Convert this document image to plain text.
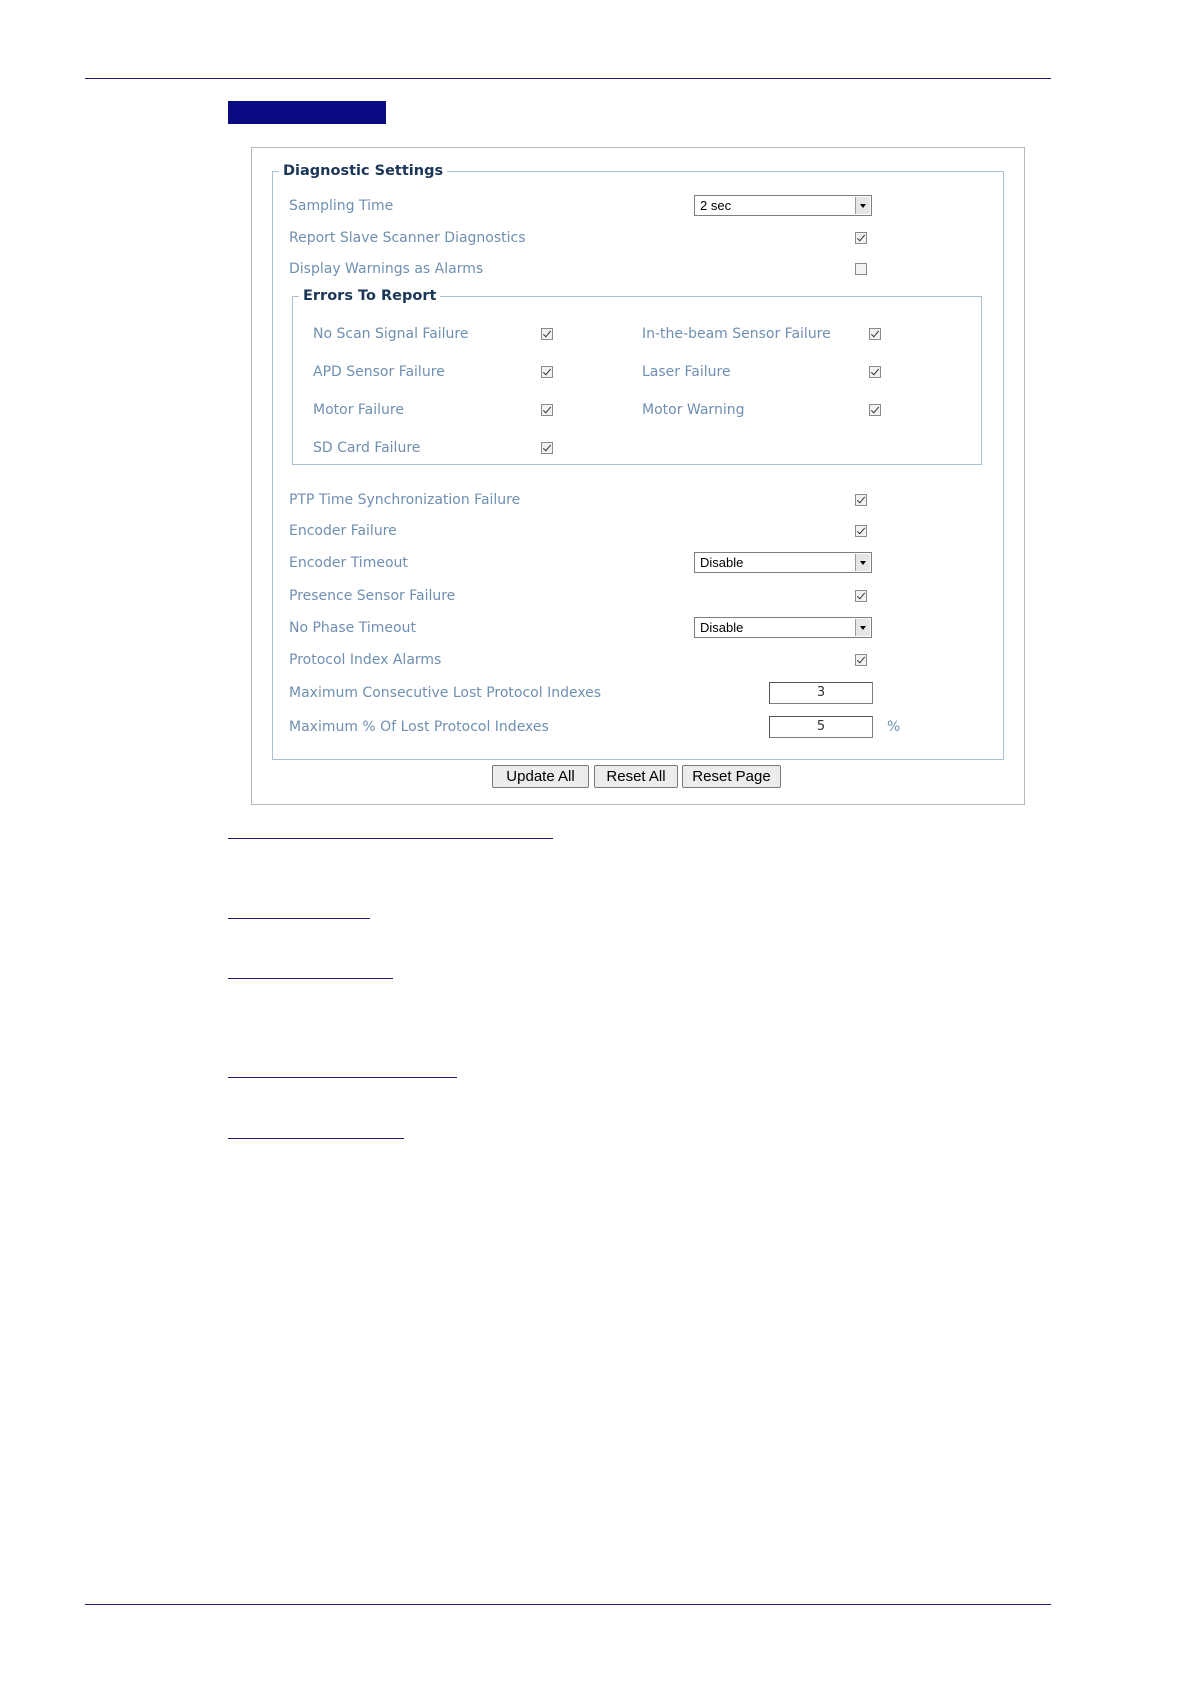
Diagnostic Settings
Sampling Time	2 sec
Report Slave Scanner Diagnostics
Display Warnings as Alarms
Errors To Report
No Scan Signal Failure	In-the-beam Sensor Failure
APD Sensor Failure	Laser Failure
Motor Failure	Motor Warning
SD Card Failure
PTP Time Synchronization Failure
Encoder Failure
Encoder Timeout	Disable
Presence Sensor Failure
No Phase Timeout	Disable
Protocol Index Alarms
Maximum Consecutive Lost Protocol Indexes	3
Maximum % Of Lost Protocol Indexes	5	%
Update All	Reset All	Reset Page
